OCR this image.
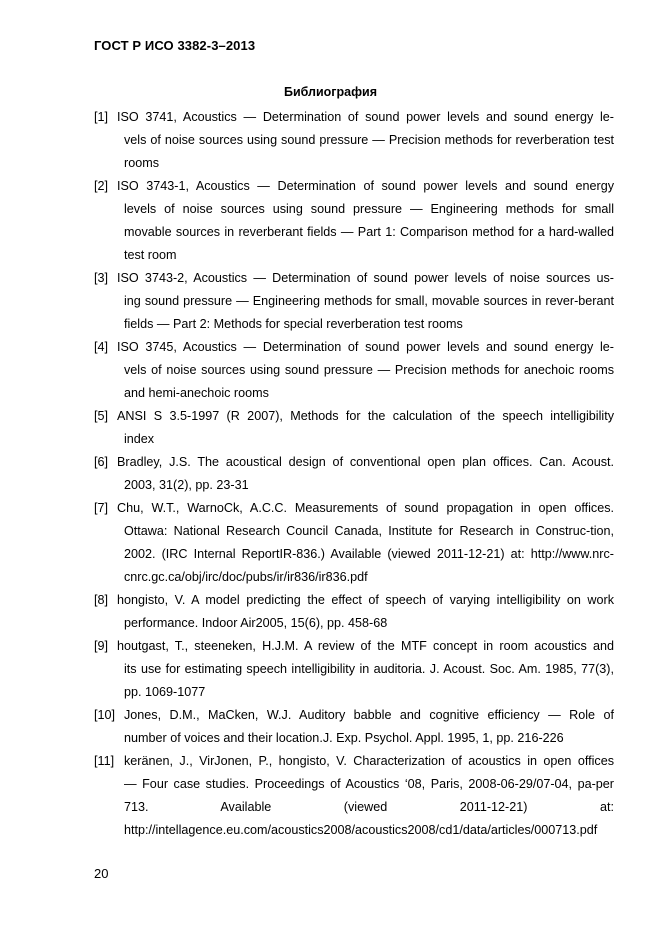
ГОСТ Р ИСО 3382-3–2013
Библиография
[1] ISO 3741, Acoustics — Determination of sound power levels and sound energy le-
vels of noise sources using sound pressure — Precision methods for reverberation test rooms
[2] ISO 3743-1, Acoustics — Determination of sound power levels and sound energy
levels of noise sources using sound pressure — Engineering methods for small movable sources in reverberant fields — Part 1: Comparison method for a hard-walled test room
[3] ISO 3743-2, Acoustics — Determination of sound power levels of noise sources us-
ing sound pressure — Engineering methods for small, movable sources in rever-berant fields — Part 2: Methods for special reverberation test rooms
[4] ISO 3745, Acoustics — Determination of sound power levels and sound energy le-
vels of noise sources using sound pressure — Precision methods for anechoic rooms and hemi-anechoic rooms
[5] ANSI S 3.5-1997 (R 2007), Methods for the calculation of the speech intelligibility
index
[6] Bradley, J.S. The acoustical design of conventional open plan offices. Can. Acoust.
2003, 31(2), pp. 23-31
[7] Chu, W.T., WarnoCk, A.C.C. Measurements of sound propagation in open offices.
Ottawa: National Research Council Canada, Institute for Research in Construc-tion, 2002. (IRC Internal ReportIR-836.) Available (viewed 2011-12-21) at: http://www.nrc-cnrc.gc.ca/obj/irc/doc/pubs/ir/ir836/ir836.pdf
[8] hongisto, V. A model predicting the effect of speech of varying intelligibility on work
performance. Indoor Air2005, 15(6), pp. 458-68
[9] houtgast, T., steeneken, H.J.M. A review of the MTF concept in room acoustics and
its use for estimating speech intelligibility in auditoria. J. Acoust. Soc. Am. 1985, 77(3), pp. 1069-1077
[10] Jones, D.M., MaCken, W.J. Auditory babble and cognitive efficiency — Role of
number of voices and their location.J. Exp. Psychol. Appl. 1995, 1, pp. 216-226
[11] keränen, J., VirJonen, P., hongisto, V. Characterization of acoustics in open offices
— Four case studies. Proceedings of Acoustics ‘08, Paris, 2008-06-29/07-04, pa-per 713. Available (viewed 2011-12-21) at: http://intellagence.eu.com/acoustics2008/acoustics2008/cd1/data/articles/000713.pdf
20
